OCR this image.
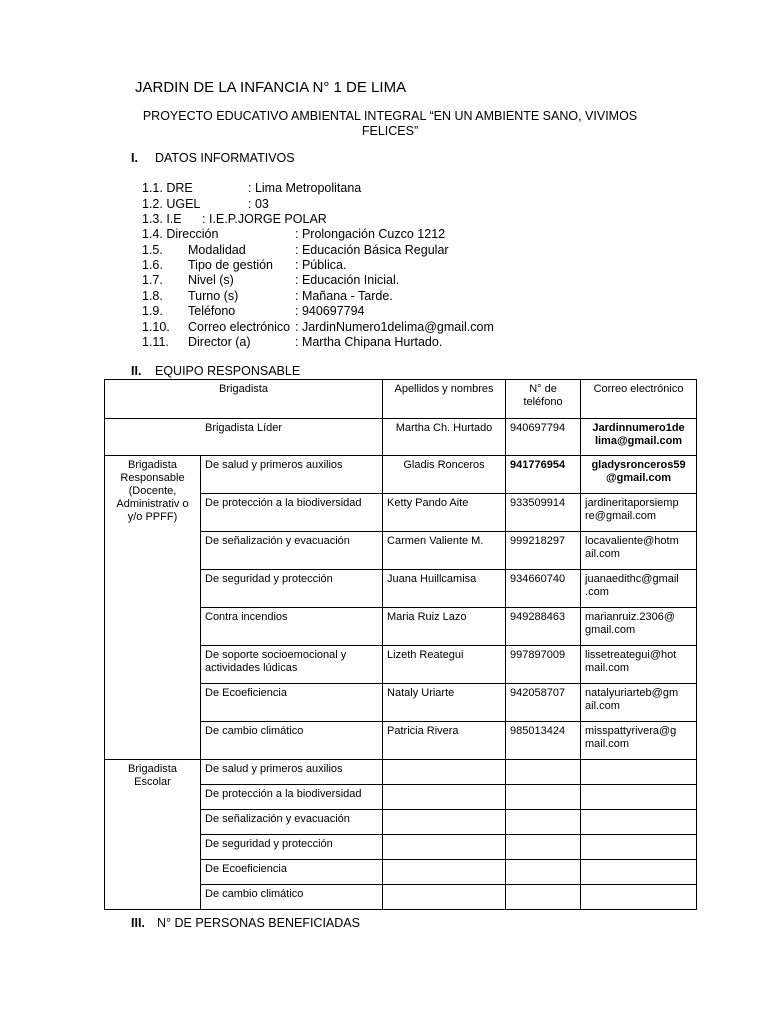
JARDIN DE LA INFANCIA N° 1 DE LIMA
PROYECTO EDUCATIVO AMBIENTAL INTEGRAL “EN UN AMBIENTE SANO, VIVIMOS FELICES”
I. DATOS INFORMATIVOS
1.1. DRE	: Lima Metropolitana
1.2. UGEL	: 03
1.3. I.E : I.E.P.JORGE POLAR
1.4. Dirección	: Prolongación Cuzco 1212
1.5. Modalidad	: Educación Básica Regular
1.6. Tipo de gestión : Pública.
1.7. Nivel (s)	: Educación Inicial.
1.8. Turno (s)	: Mañana - Tarde.
1.9. Teléfono	: 940697794
1.10. Correo electrónico : JardinNumero1delima@gmail.com
1.11. Director (a)	: Martha Chipana Hurtado.
II. EQUIPO RESPONSABLE
Brigadista		Apellidos y nombres	N° de teléfono	Correo electrónico
Brigadista Líder		Martha Ch. Hurtado	940697794	Jardinnumero1de lima@gmail.com
Brigadista Responsable (Docente, Administrativ o y/o PPFF)	De salud y primeros auxilios	Gladis Ronceros	941776954	gladysronceros59 @gmail.com
	De protección a la biodiversidad	Ketty Pando Aite	933509914	jardineritaporsiemp re@gmail.com
	De señalización y evacuación	Carmen Valiente M.	999218297	locavaliente@hotm ail.com
	De seguridad y protección	Juana Huillcamisa	934660740	juanaedithc@gmail .com
	Contra incendios	Maria Ruiz Lazo	949288463	marianruiz.2306@ gmail.com
	De soporte socioemocional y actividades lúdicas	Lizeth Reategui	997897009	lissetreategui@hot mail.com
	De Ecoeficiencia	Nataly Uriarte	942058707	natalyuriarteb@gm ail.com
	De cambio climático	Patricia Rivera	985013424	misspattyrivera@g mail.com
Brigadista Escolar	De salud y primeros auxilios			
	De protección a la biodiversidad			
	De señalización y evacuación			
	De seguridad y protección			
	De Ecoeficiencia			
	De cambio climático			
III. N° DE PERSONAS BENEFICIADAS
